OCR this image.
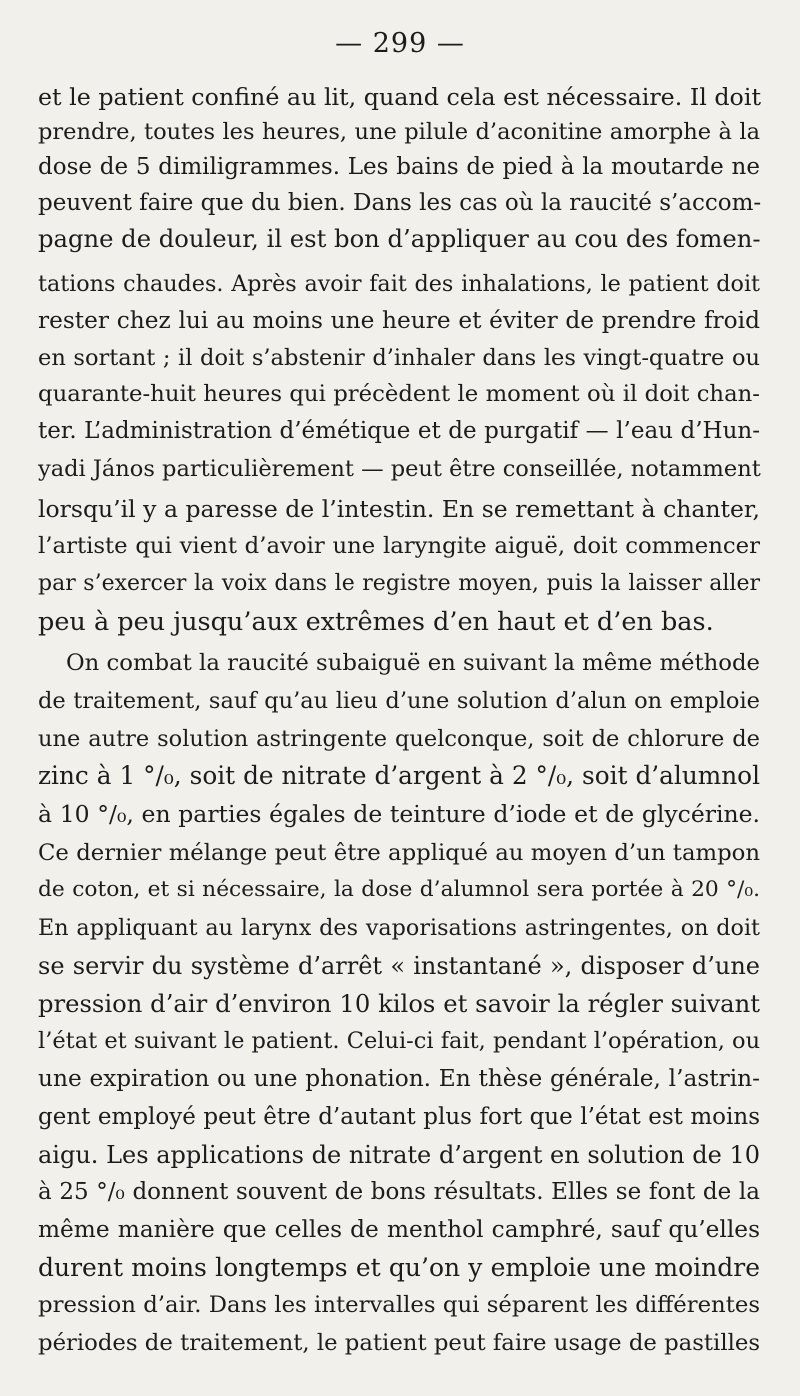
— 299 —
et le patient confiné au lit, quand cela est nécessaire. Il doit
prendre, toutes les heures, une pilule d’aconitine amorphe à la
dose de 5 dimiligrammes. Les bains de pied à la moutarde ne
peuvent faire que du bien. Dans les cas où la raucité s’accom-
pagne de douleur, il est bon d’appliquer au cou des fomen-
tations chaudes. Après avoir fait des inhalations, le patient doit
rester chez lui au moins une heure et éviter de prendre froid
en sortant ; il doit s’abstenir d’inhaler dans les vingt-quatre ou
quarante-huit heures qui précèdent le moment où il doit chan-
ter. L’administration d’émétique et de purgatif — l’eau d’Hun-
yadi János particulièrement — peut être conseillée, notamment
lorsqu’il y a paresse de l’intestin. En se remettant à chanter,
l’artiste qui vient d’avoir une laryngite aiguë, doit commencer
par s’exercer la voix dans le registre moyen, puis la laisser aller
peu à peu jusqu’aux extrêmes d’en haut et d’en bas.
On combat la raucité subaiguë en suivant la même méthode
de traitement, sauf qu’au lieu d’une solution d’alun on emploie
une autre solution astringente quelconque, soit de chlorure de
zinc à 1 °/₀, soit de nitrate d’argent à 2 °/₀, soit d’alumnol
à 10 °/₀, en parties égales de teinture d’iode et de glycérine.
Ce dernier mélange peut être appliqué au moyen d’un tampon
de coton, et si nécessaire, la dose d’alumnol sera portée à 20 °/₀.
En appliquant au larynx des vaporisations astringentes, on doit
se servir du système d’arrêt « instantané », disposer d’une
pression d’air d’environ 10 kilos et savoir la régler suivant
l’état et suivant le patient. Celui-ci fait, pendant l’opération, ou
une expiration ou une phonation. En thèse générale, l’astrin-
gent employé peut être d’autant plus fort que l’état est moins
aigu. Les applications de nitrate d’argent en solution de 10
à 25 °/₀ donnent souvent de bons résultats. Elles se font de la
même manière que celles de menthol camphré, sauf qu’elles
durent moins longtemps et qu’on y emploie une moindre
pression d’air. Dans les intervalles qui séparent les différentes
périodes de traitement, le patient peut faire usage de pastilles
